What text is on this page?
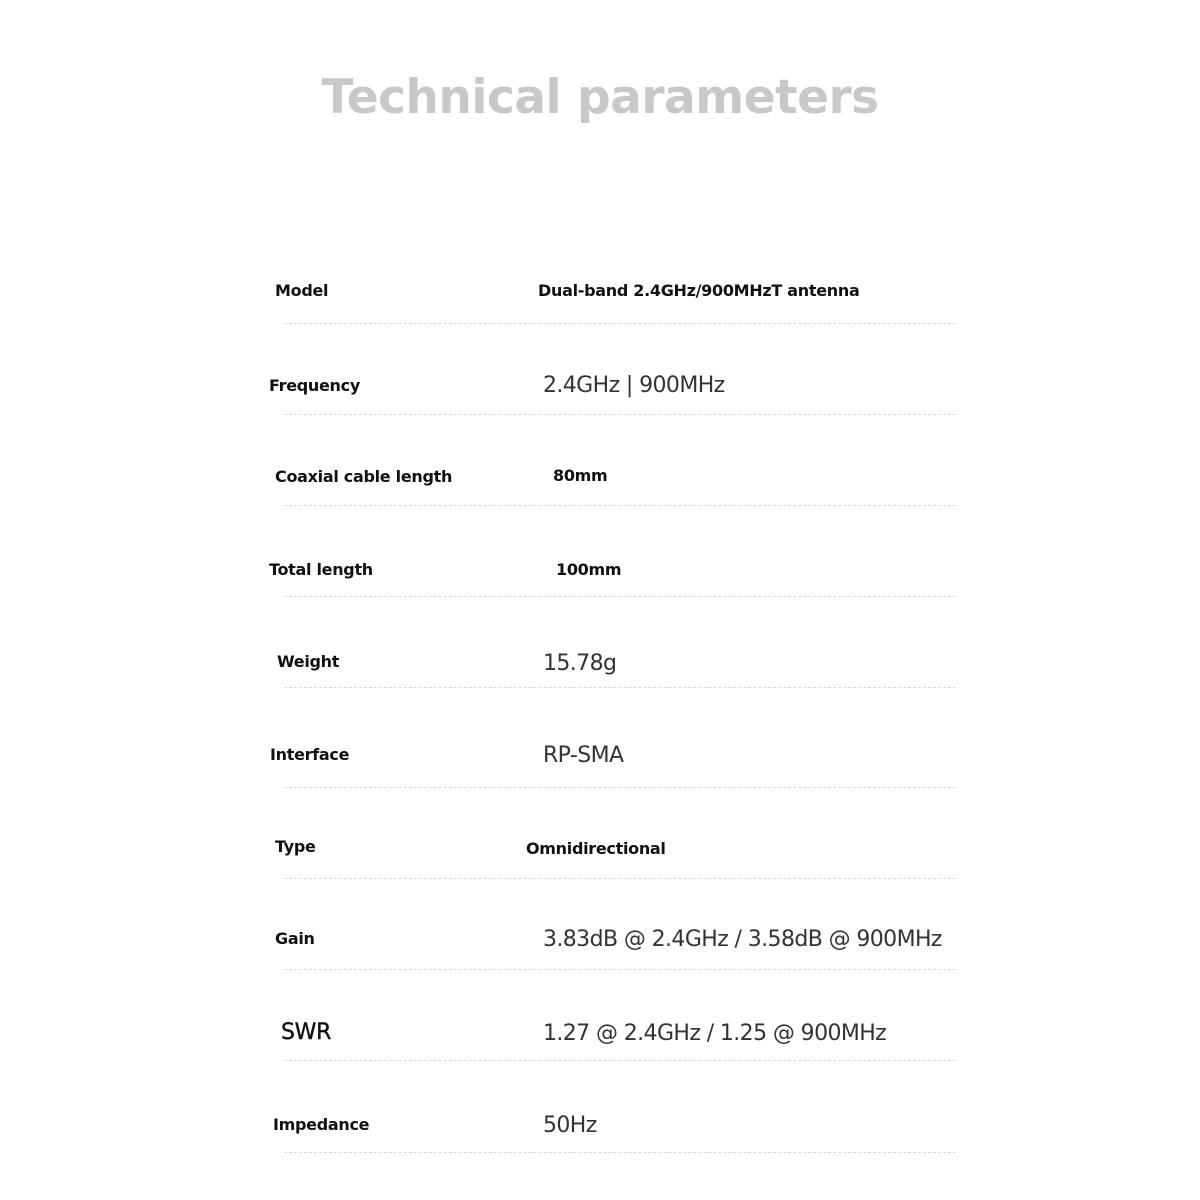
Technical parameters
Model	Dual-band 2.4GHz/900MHzT antenna
Frequency	2.4GHz | 900MHz
Coaxial cable length	80mm
Total length	100mm
Weight	15.78g
Interface	RP-SMA
Type	Omnidirectional
Gain	3.83dB @ 2.4GHz / 3.58dB @ 900MHz
SWR	1.27 @ 2.4GHz / 1.25 @ 900MHz
Impedance	50Hz
